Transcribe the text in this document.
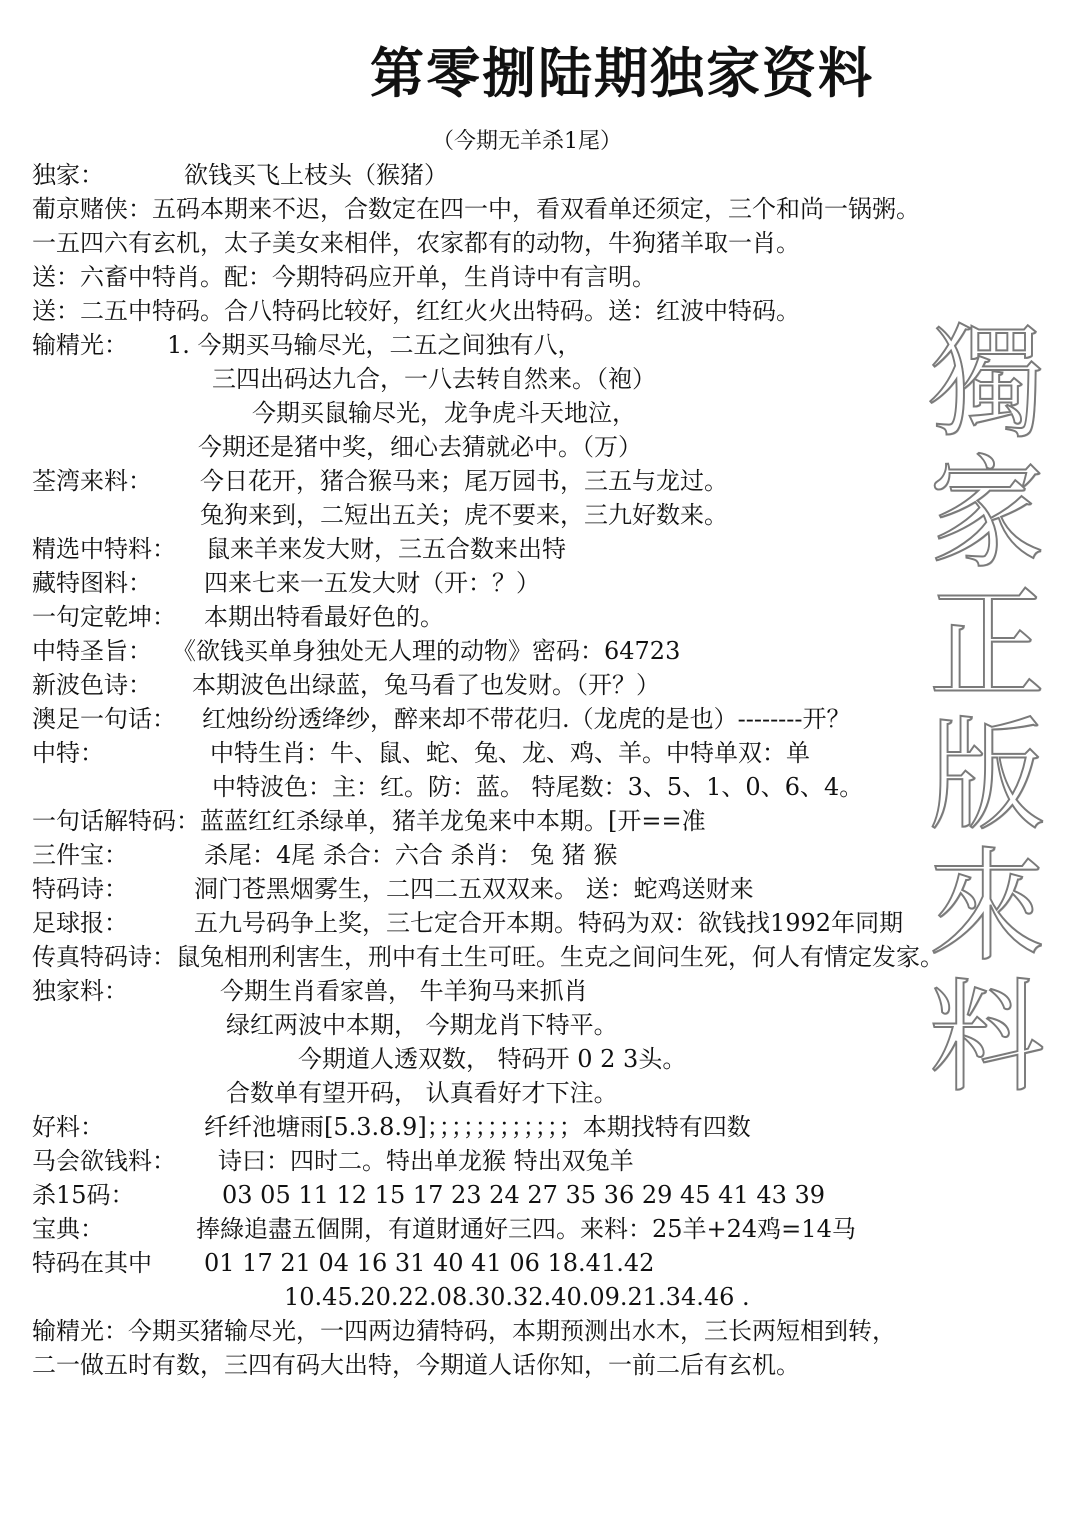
第零捌陆期独家资料
（今期无羊杀1尾）
独家：	欲钱买飞上枝头（猴猪）
葡京赌侠：五码本期来不迟，合数定在四一中，看双看单还须定，三个和尚一锅粥。
一五四六有玄机，太子美女来相伴，农家都有的动物，牛狗猪羊取一肖。
送：六畜中特肖。配：今期特码应开单，生肖诗中有言明。
送：二五中特码。合八特码比较好，红红火火出特码。送：红波中特码。
输精光： 1. 今期买马输尽光，二五之间独有八，
三四出码达九合，一八去转自然来。（袍）
今期买鼠输尽光，龙争虎斗天地泣，
今期还是猪中奖，细心去猜就必中。（万）
荃湾来料： 今日花开，猪合猴马来；尾万园书，三五与龙过。
兔狗来到，二短出五关；虎不要来，三九好数来。
精选中特料： 鼠来羊来发大财，三五合数来出特
藏特图料： 四来七来一五发大财（开：？）
一句定乾坤： 本期出特看最好色的。
中特圣旨： 《欲钱买单身独处无人理的动物》密码：64723
新波色诗： 本期波色出绿蓝，兔马看了也发财。（开？）
澳足一句话： 红烛纷纷透绛纱，醉来却不带花归.（龙虎的是也）--------开？
中特：	中特生肖：牛、鼠、蛇、兔、龙、鸡、羊。中特单双：单
中特波色：主：红。防：蓝。 特尾数：3、5、1、0、6、4。
一句话解特码：蓝蓝红红杀绿单，猪羊龙兔来中本期。[开==准
三件宝：	杀尾：4尾 杀合：六合 杀肖： 兔 猪 猴
特码诗：	洞门苍黑烟雾生，二四二五双双来。 送：蛇鸡送财来
足球报：	五九号码争上奖，三七定合开本期。特码为双：欲钱找1992年同期
传真特码诗：鼠兔相刑利害生，刑中有土生可旺。生克之间问生死，何人有情定发家。
独家料：	今期生肖看家兽， 牛羊狗马来抓肖
绿红两波中本期， 今期龙肖下特平。
今期道人透双数， 特码开 0 2 3头。
合数单有望开码， 认真看好才下注。
好料：	纤纤池塘雨[5.3.8.9]；；；；；；；；；；；；本期找特有四数
马会欲钱料： 诗曰：四时二。特出单龙猴 特出双兔羊
杀15码：	03 05 11 12 15 17 23 24 27 35 36 29 45 41 43 39
宝典：	捧綠追盡五個開，有道財通好三四。来料：25羊+24鸡=14马
特码在其中 01 17 21 04 16 31 40 41 06 18.41.42
10.45.20.22.08.30.32.40.09.21.34.46 .
输精光：今期买猪输尽光，一四两边猜特码，本期预测出水木，三长两短相到转，
二一做五时有数，三四有码大出特，今期道人话你知，一前二后有玄机。
獨
家
正
版
來
料
